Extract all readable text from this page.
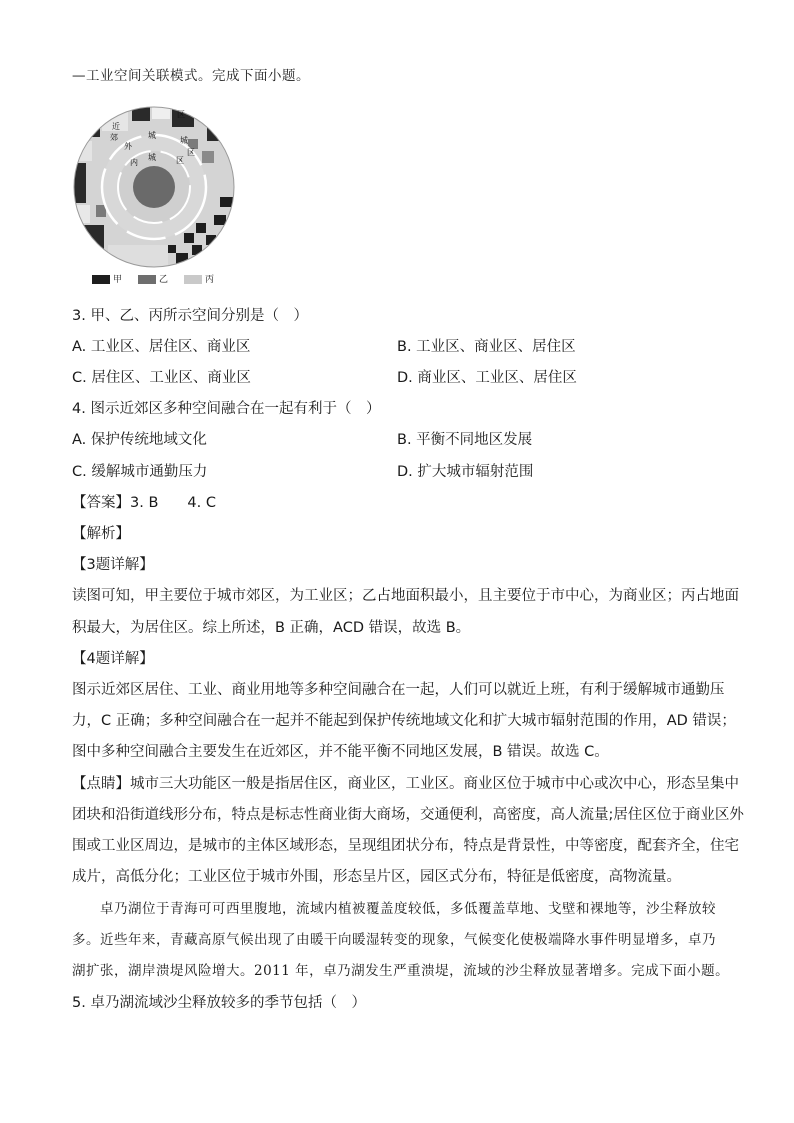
—工业空间关联模式。完成下面小题。
近
郊
区
城
外
城
区
内
城	区
甲	乙	丙
3. 甲、乙、丙所示空间分别是（　）
A. 工业区、居住区、商业区	B. 工业区、商业区、居住区
C. 居住区、工业区、商业区	D. 商业区、工业区、居住区
4. 图示近郊区多种空间融合在一起有利于（　）
A. 保护传统地域文化	B. 平衡不同地区发展
C. 缓解城市通勤压力	D. 扩大城市辐射范围
【答案】3. B　　4. C
【解析】
【3题详解】
读图可知，甲主要位于城市郊区，为工业区；乙占地面积最小，且主要位于市中心，为商业区；丙占地面
积最大，为居住区。综上所述，B 正确，ACD 错误，故选 B。
【4题详解】
图示近郊区居住、工业、商业用地等多种空间融合在一起，人们可以就近上班，有利于缓解城市通勤压
力，C 正确；多种空间融合在一起并不能起到保护传统地域文化和扩大城市辐射范围的作用，AD 错误；
图中多种空间融合主要发生在近郊区，并不能平衡不同地区发展，B 错误。故选 C。
【点睛】城市三大功能区一般是指居住区，商业区，工业区。商业区位于城市中心或次中心，形态呈集中
团块和沿街道线形分布，特点是标志性商业街大商场，交通便利，高密度，高人流量;居住区位于商业区外
围或工业区周边，是城市的主体区域形态，呈现组团状分布，特点是背景性，中等密度，配套齐全，住宅
成片，高低分化；工业区位于城市外围，形态呈片区，园区式分布，特征是低密度，高物流量。
　　卓乃湖位于青海可可西里腹地，流域内植被覆盖度较低，多低覆盖草地、戈壁和裸地等，沙尘释放较
多。近些年来，青藏高原气候出现了由暖干向暖湿转变的现象，气候变化使极端降水事件明显增多，卓乃
湖扩张，湖岸溃堤风险增大。2011 年，卓乃湖发生严重溃堤，流域的沙尘释放显著增多。完成下面小题。
5. 卓乃湖流域沙尘释放较多的季节包括（　）
